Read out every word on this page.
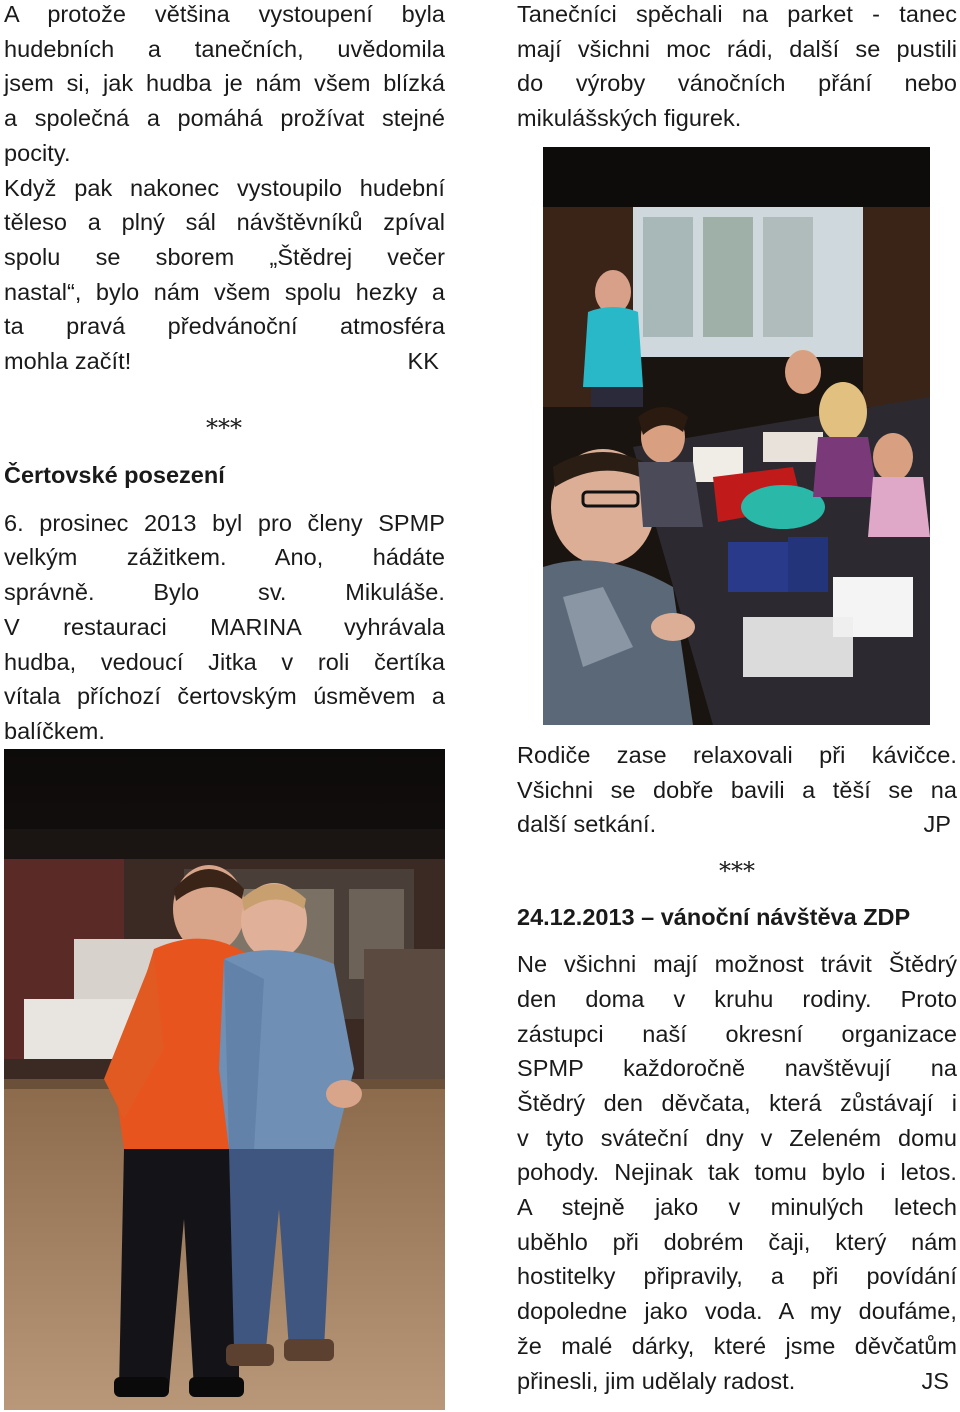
A protože většina vystoupení byla
hudebních a tanečních, uvědomila
jsem si, jak hudba je nám všem blízká
a společná a pomáhá prožívat stejné
pocity.
Když pak nakonec vystoupilo hudební
těleso a plný sál návštěvníků zpíval
spolu se sborem „Štědrej večer
nastal“, bylo nám všem spolu hezky a
ta pravá předvánoční atmosféra
mohla začít!	KK

***

Čertovské posezení

6. prosinec 2013 byl pro členy SPMP
velkým zážitkem. Ano, hádáte
správně. Bylo sv. Mikuláše.
V restauraci MARINA vyhrávala
hudba, vedoucí Jitka v roli čertíka
vítala příchozí čertovským úsměvem a
balíčkem.

Tanečníci spěchali na parket - tanec
mají všichni moc rádi, další se pustili
do výroby vánočních přání nebo
mikulášských figurek.

Rodiče zase relaxovali při kávičce.
Všichni se dobře bavili a těší se na
další setkání.	JP

***

24.12.2013 – vánoční návštěva ZDP

Ne všichni mají možnost trávit Štědrý
den doma v kruhu rodiny. Proto
zástupci naší okresní organizace
SPMP každoročně navštěvují na
Štědrý den děvčata, která zůstávají i
v tyto sváteční dny v Zeleném domu
pohody. Nejinak tak tomu bylo i letos.
A stejně jako v minulých letech
uběhlo při dobrém čaji, který nám
hostitelky připravily, a při povídání
dopoledne jako voda. A my doufáme,
že malé dárky, které jsme děvčatům
přinesli, jim udělaly radost.	JS
